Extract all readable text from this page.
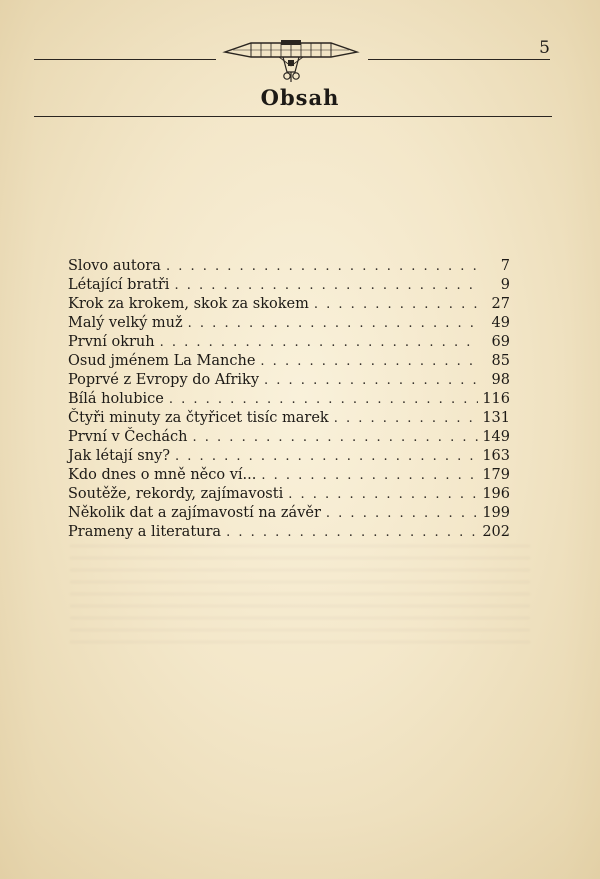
5
Obsah
Slovo autora . . .	7
Létající bratři . . .	9
Krok za krokem, skok za skokem . . .	27
Malý velký muž . . .	49
První okruh . . .	69
Osud jménem La Manche . . .	85
Poprvé z Evropy do Afriky . . .	98
Bílá holubice . . .	116
Čtyři minuty za čtyřicet tisíc marek . . .	131
První v Čechách . . .	149
Jak létají sny? . . .	163
Kdo dnes o mně něco ví... . . .	179
Soutěže, rekordy, zajímavosti . . .	196
Několik dat a zajímavostí na závěr . . .	199
Prameny a literatura . . .	202
